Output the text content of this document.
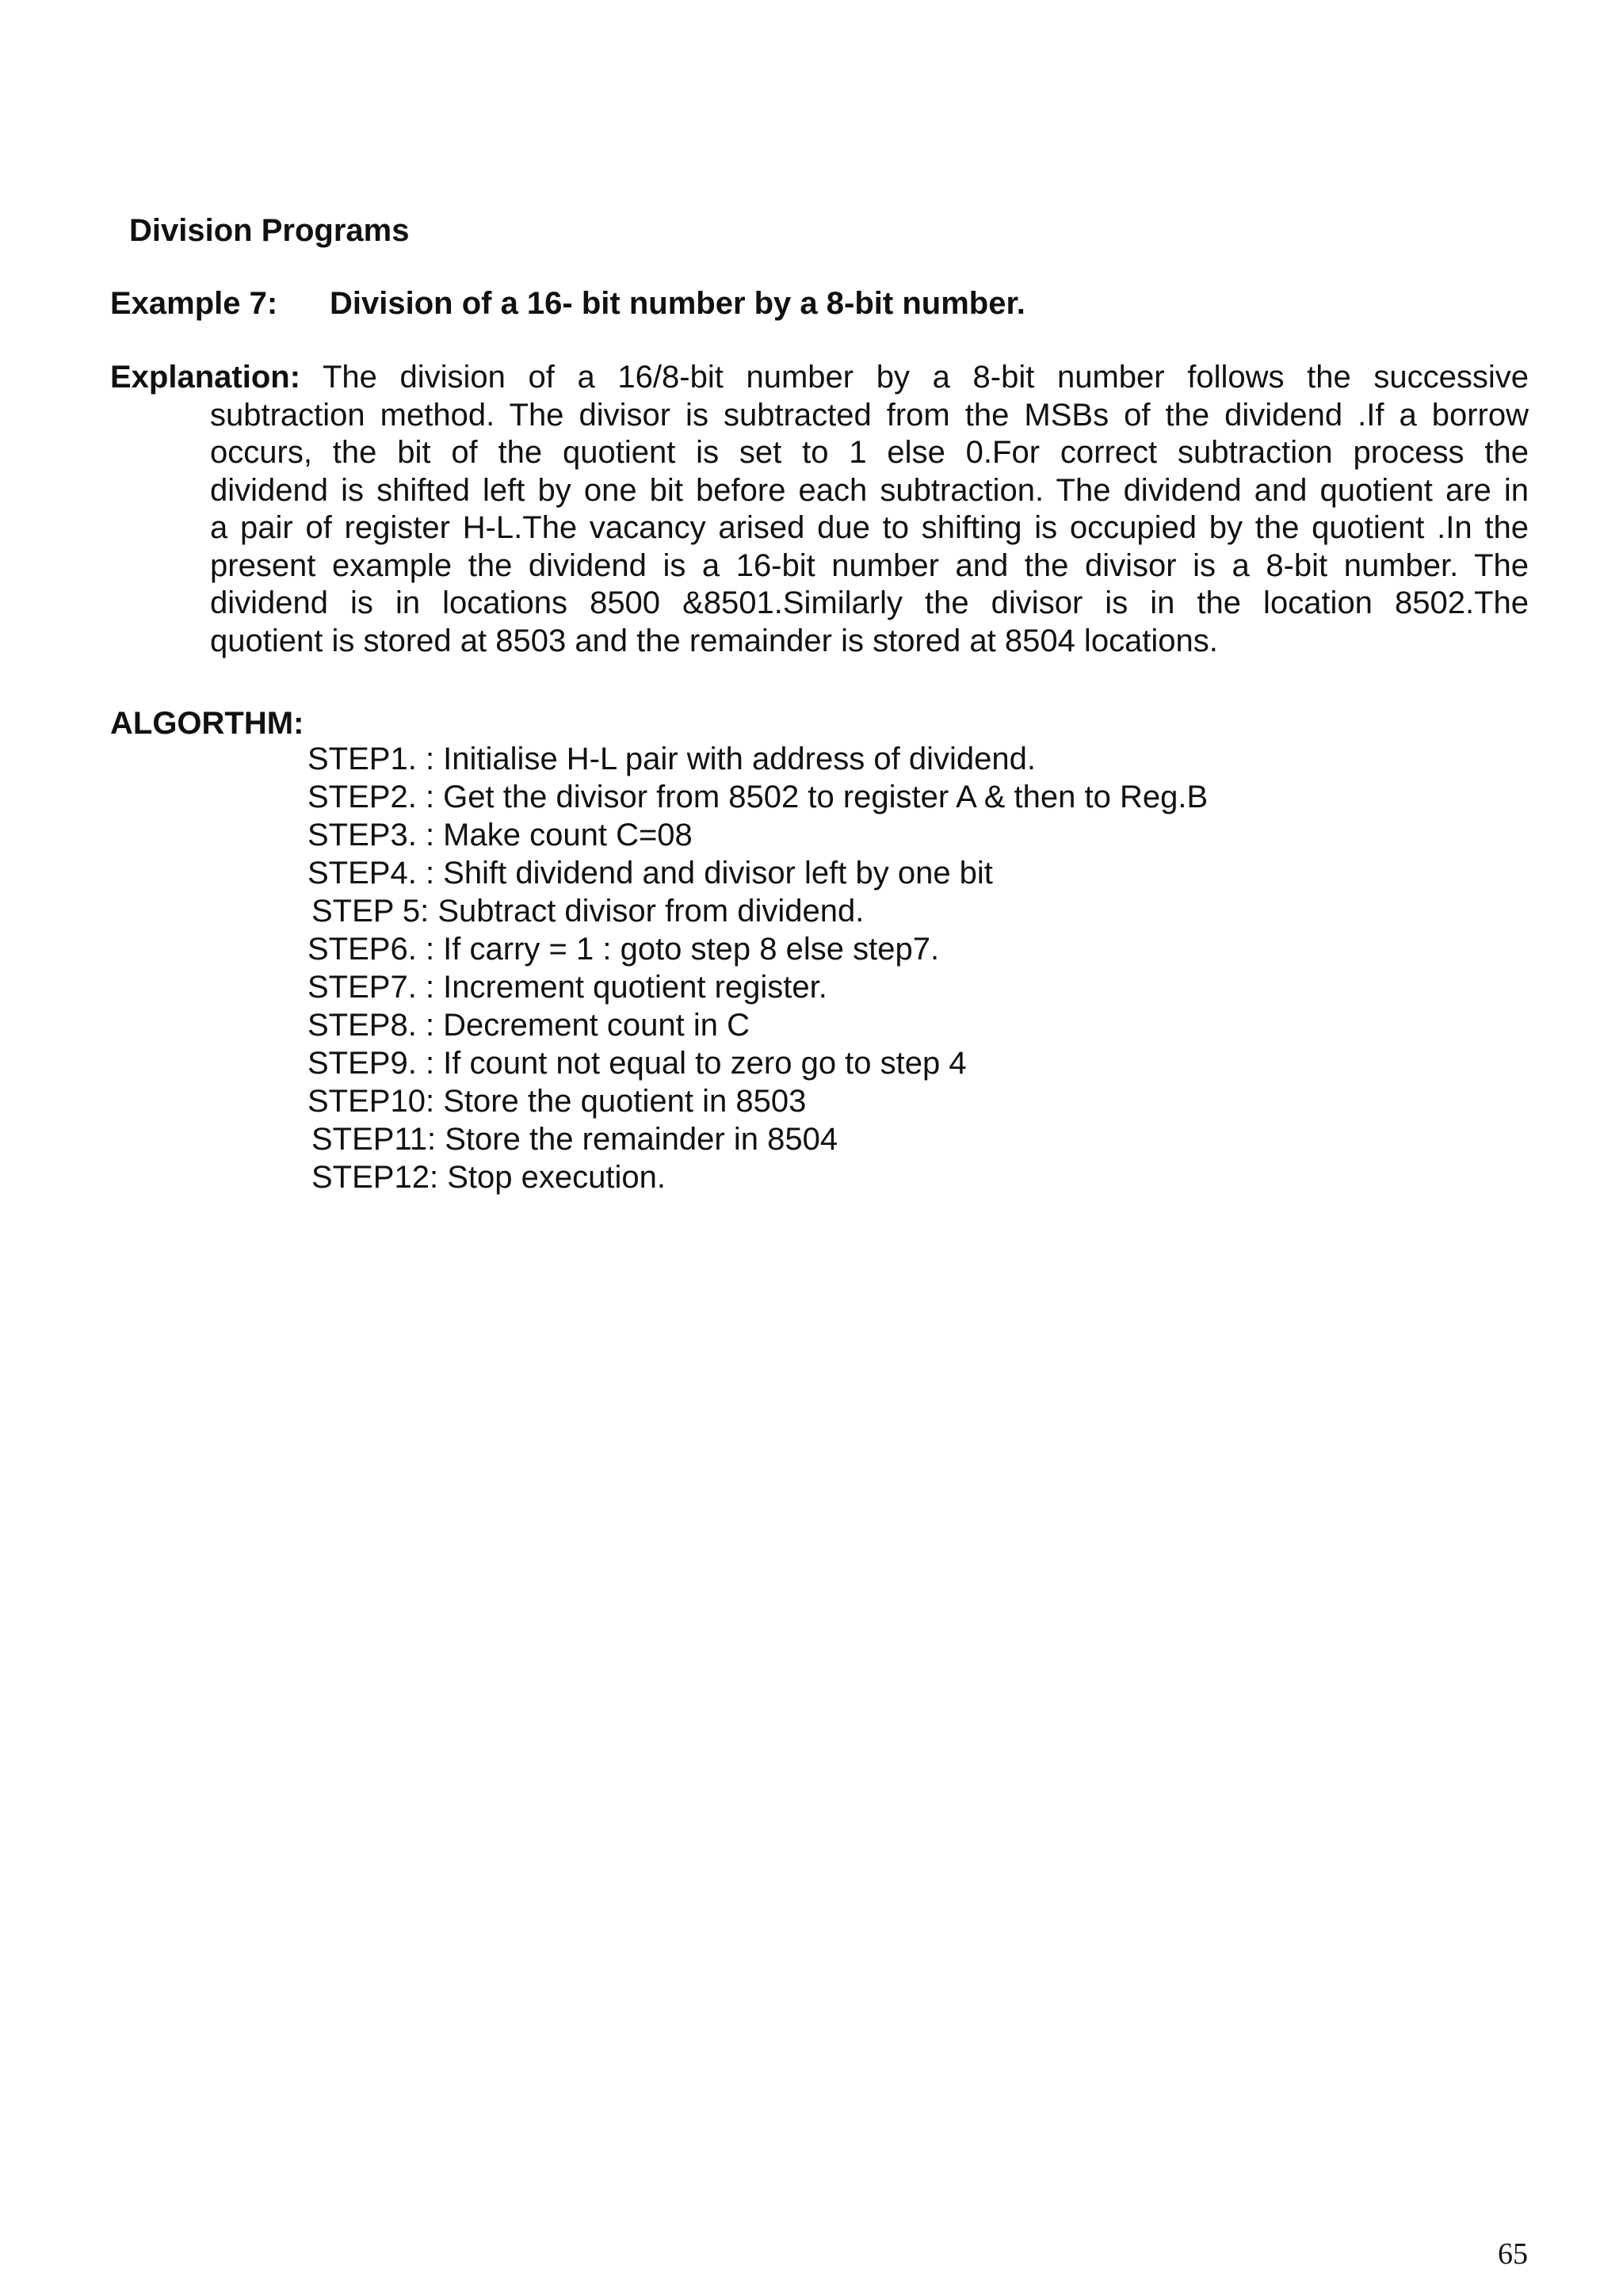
Division Programs
Example 7: Division of a 16- bit number by a 8-bit number.
Explanation: The division of a 16/8-bit number by a 8-bit number follows the successive
subtraction method. The divisor is subtracted from the MSBs of the dividend .If a borrow
occurs, the bit of the quotient is set to 1 else 0.For correct subtraction process the
dividend is shifted left by one bit before each subtraction. The dividend and quotient are in
a pair of register H-L.The vacancy arised due to shifting is occupied by the quotient .In the
present example the dividend is a 16-bit number and the divisor is a 8-bit number. The
dividend is in locations 8500 &8501.Similarly the divisor is in the location 8502.The
quotient is stored at 8503 and the remainder is stored at 8504 locations.
ALGORTHM:
STEP1. : Initialise H-L pair with address of dividend.
STEP2. : Get the divisor from 8502 to register A & then to Reg.B
STEP3. : Make count C=08
STEP4. : Shift dividend and divisor left by one bit
STEP 5: Subtract divisor from dividend.
STEP6. : If carry = 1 : goto step 8 else step7.
STEP7. : Increment quotient register.
STEP8. : Decrement count in C
STEP9. : If count not equal to zero go to step 4
STEP10: Store the quotient in 8503
STEP11: Store the remainder in 8504
STEP12: Stop execution.
65
